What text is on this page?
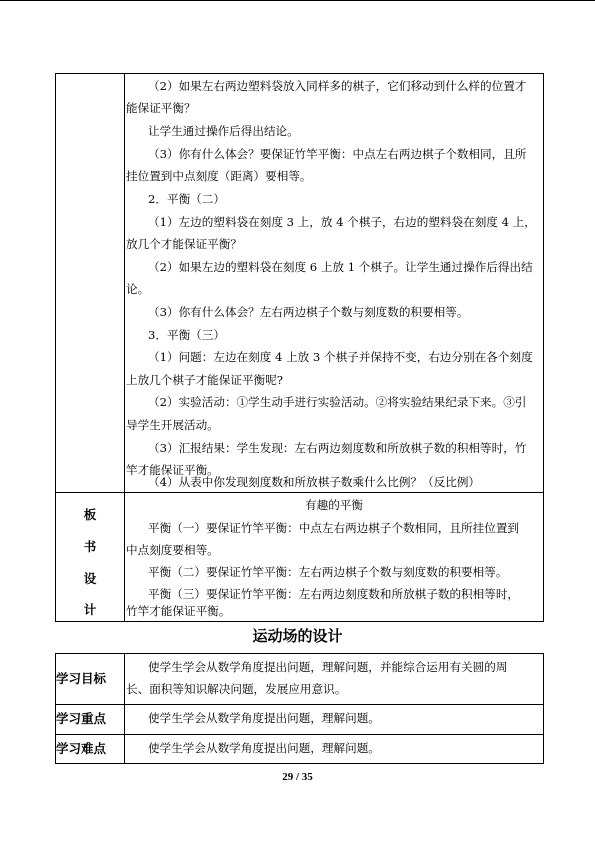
（2）如果左右两边塑料袋放入同样多的棋子，它们移动到什么样的位置才
能保证平衡？
让学生通过操作后得出结论。
（3）你有什么体会？要保证竹竿平衡：中点左右两边棋子个数相同，且所
挂位置到中点刻度（距离）要相等。
2．平衡（二）
（1）左边的塑料袋在刻度 3 上，放 4 个棋子，右边的塑料袋在刻度 4 上，
放几个才能保证平衡？
（2）如果左边的塑料袋在刻度 6 上放 1 个棋子。让学生通过操作后得出结
论。
（3）你有什么体会？左右两边棋子个数与刻度数的积要相等。
3．平衡（三）
（1）问题：左边在刻度 4 上放 3 个棋子并保持不变，右边分别在各个刻度
上放几个棋子才能保证平衡呢?
（2）实验活动：①学生动手进行实验活动。②将实验结果纪录下来。③引
导学生开展活动。
（3）汇报结果：学生发现：左右两边刻度数和所放棋子数的积相等时，竹
竿才能保证平衡。
（4）从表中你发现刻度数和所放棋子数乘什么比例？（反比例）
板
书
设
计
有趣的平衡
平衡（一）要保证竹竿平衡：中点左右两边棋子个数相同，且所挂位置到
中点刻度要相等。
平衡（二）要保证竹竿平衡：左右两边棋子个数与刻度数的积要相等。
平衡（三）要保证竹竿平衡：左右两边刻度数和所放棋子数的积相等时，
竹竿才能保证平衡。
运动场的设计
学习目标
使学生学会从数学角度提出问题，理解问题，并能综合运用有关圆的周
长、面积等知识解决问题，发展应用意识。
学习重点	使学生学会从数学角度提出问题，理解问题。
学习难点	使学生学会从数学角度提出问题，理解问题。
29 / 35
